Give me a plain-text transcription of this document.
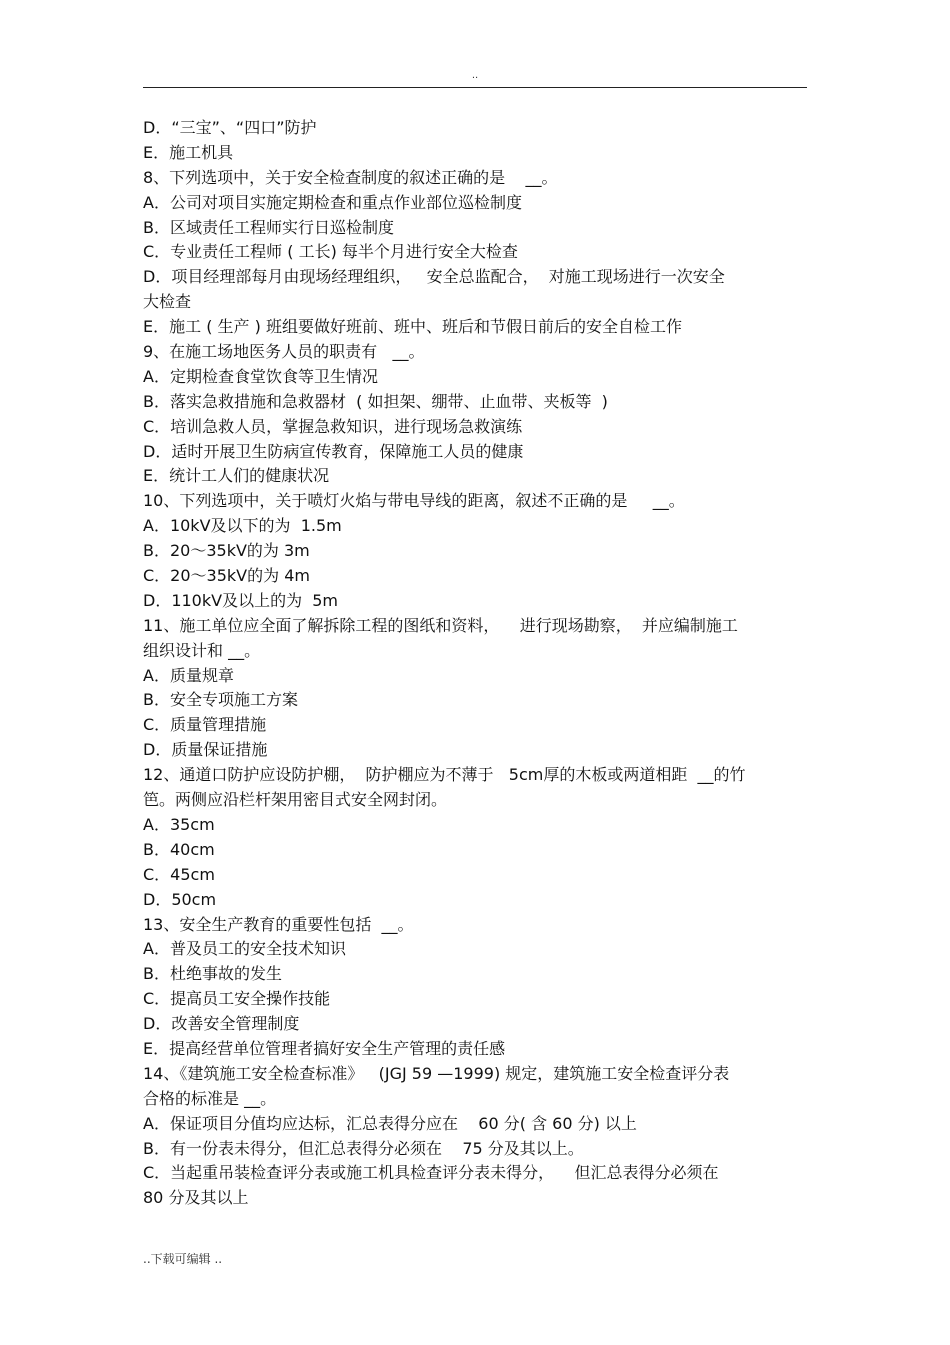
..
D．“三宝”、“四口”防护
E．施工机具
8、下列选项中，关于安全检查制度的叙述正确的是    __。
A．公司对项目实施定期检查和重点作业部位巡检制度
B．区域责任工程师实行日巡检制度
C．专业责任工程师 ( 工长) 每半个月进行安全大检查
D．项目经理部每月由现场经理组织，   安全总监配合，  对施工现场进行一次安全
大检查
E．施工 ( 生产 ) 班组要做好班前、班中、班后和节假日前后的安全自检工作
9、在施工场地医务人员的职责有   __。
A．定期检查食堂饮食等卫生情况
B．落实急救措施和急救器材  ( 如担架、绷带、止血带、夹板等  )
C．培训急救人员，掌握急救知识，进行现场急救演练
D．适时开展卫生防病宣传教育，保障施工人员的健康
E．统计工人们的健康状况
10、下列选项中，关于喷灯火焰与带电导线的距离，叙述不正确的是     __。
A．10kV及以下的为  1.5m
B．20～35kV的为 3m
C．20～35kV的为 4m
D．110kV及以上的为  5m
11、施工单位应全面了解拆除工程的图纸和资料，    进行现场勘察，  并应编制施工
组织设计和 __。
A．质量规章
B．安全专项施工方案
C．质量管理措施
D．质量保证措施
12、通道口防护应设防护棚，  防护棚应为不薄于   5cm厚的木板或两道相距  __的竹
笆。两侧应沿栏杆架用密目式安全网封闭。
A．35cm
B．40cm
C．45cm
D．50cm
13、安全生产教育的重要性包括  __。
A．普及员工的安全技术知识
B．杜绝事故的发生
C．提高员工安全操作技能
D．改善安全管理制度
E．提高经营单位管理者搞好安全生产管理的责任感
14、《建筑施工安全检查标准》   (JGJ 59 —1999) 规定，建筑施工安全检查评分表
合格的标准是 __。
A．保证项目分值均应达标，汇总表得分应在    60 分( 含 60 分) 以上
B．有一份表未得分，但汇总表得分必须在    75 分及其以上。
C．当起重吊装检查评分表或施工机具检查评分表未得分，    但汇总表得分必须在
80 分及其以上
..下载可编辑 ..
